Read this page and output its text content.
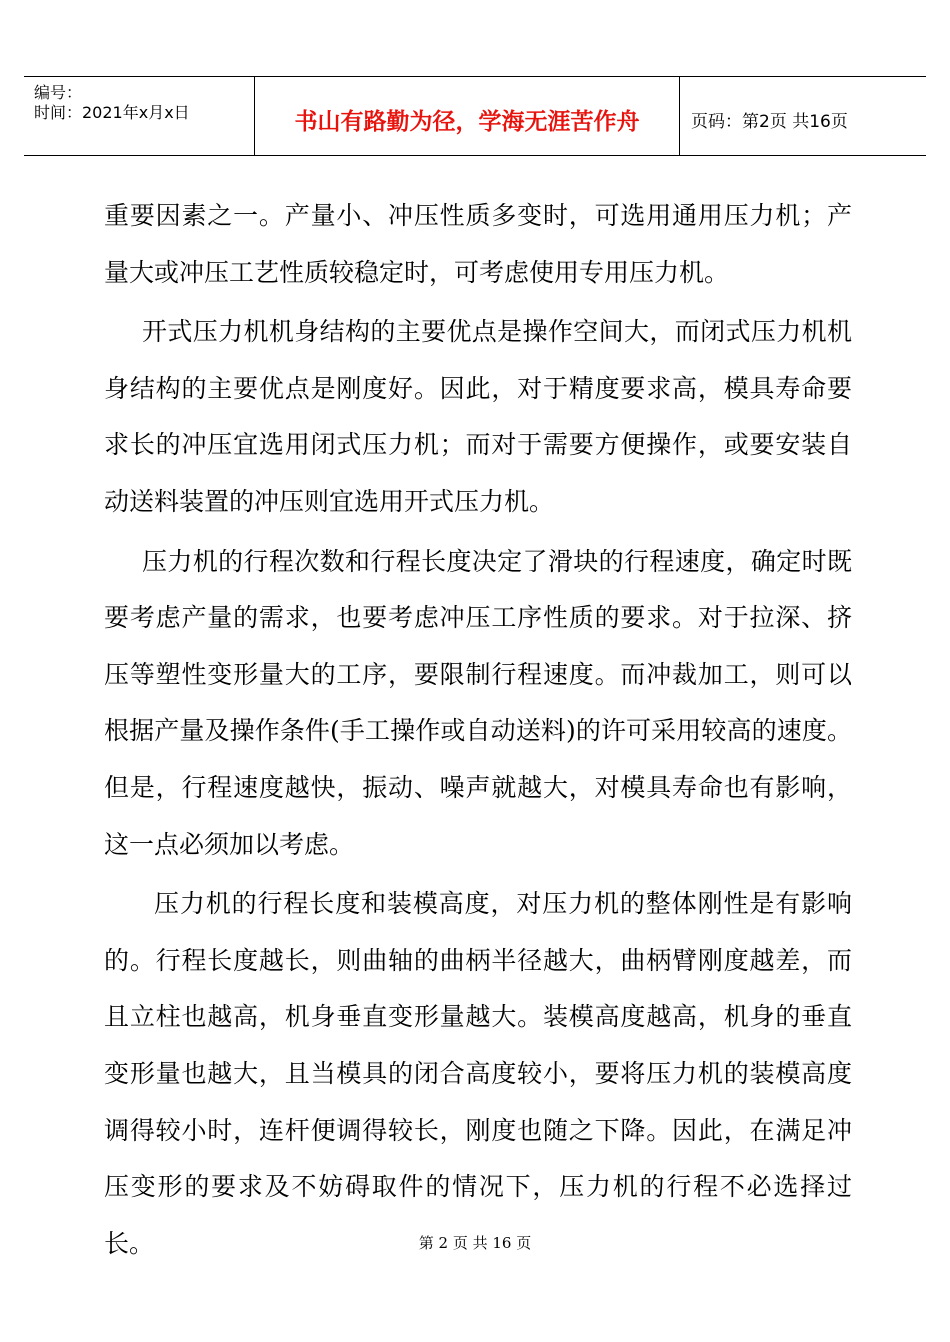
编号：
时间：2021年x月x日	书山有路勤为径，学海无涯苦作舟	页码：第2页 共16页

重要因素之一。产量小、冲压性质多变时，可选用通用压力机；产量大或冲压工艺性质较稳定时，可考虑使用专用压力机。

开式压力机机身结构的主要优点是操作空间大，而闭式压力机机身结构的主要优点是刚度好。因此，对于精度要求高，模具寿命要求长的冲压宜选用闭式压力机；而对于需要方便操作，或要安装自动送料装置的冲压则宜选用开式压力机。

压力机的行程次数和行程长度决定了滑块的行程速度，确定时既要考虑产量的需求，也要考虑冲压工序性质的要求。对于拉深、挤压等塑性变形量大的工序，要限制行程速度。而冲裁加工，则可以根据产量及操作条件(手工操作或自动送料)的许可采用较高的速度。但是，行程速度越快，振动、噪声就越大，对模具寿命也有影响，这一点必须加以考虑。

压力机的行程长度和装模高度，对压力机的整体刚性是有影响的。行程长度越长，则曲轴的曲柄半径越大，曲柄臂刚度越差，而且立柱也越高，机身垂直变形量越大。装模高度越高，机身的垂直变形量也越大，且当模具的闭合高度较小，要将压力机的装模高度调得较小时，连杆便调得较长，刚度也随之下降。因此，在满足冲压变形的要求及不妨碍取件的情况下，压力机的行程不必选择过长。	第 2 页 共 16 页
